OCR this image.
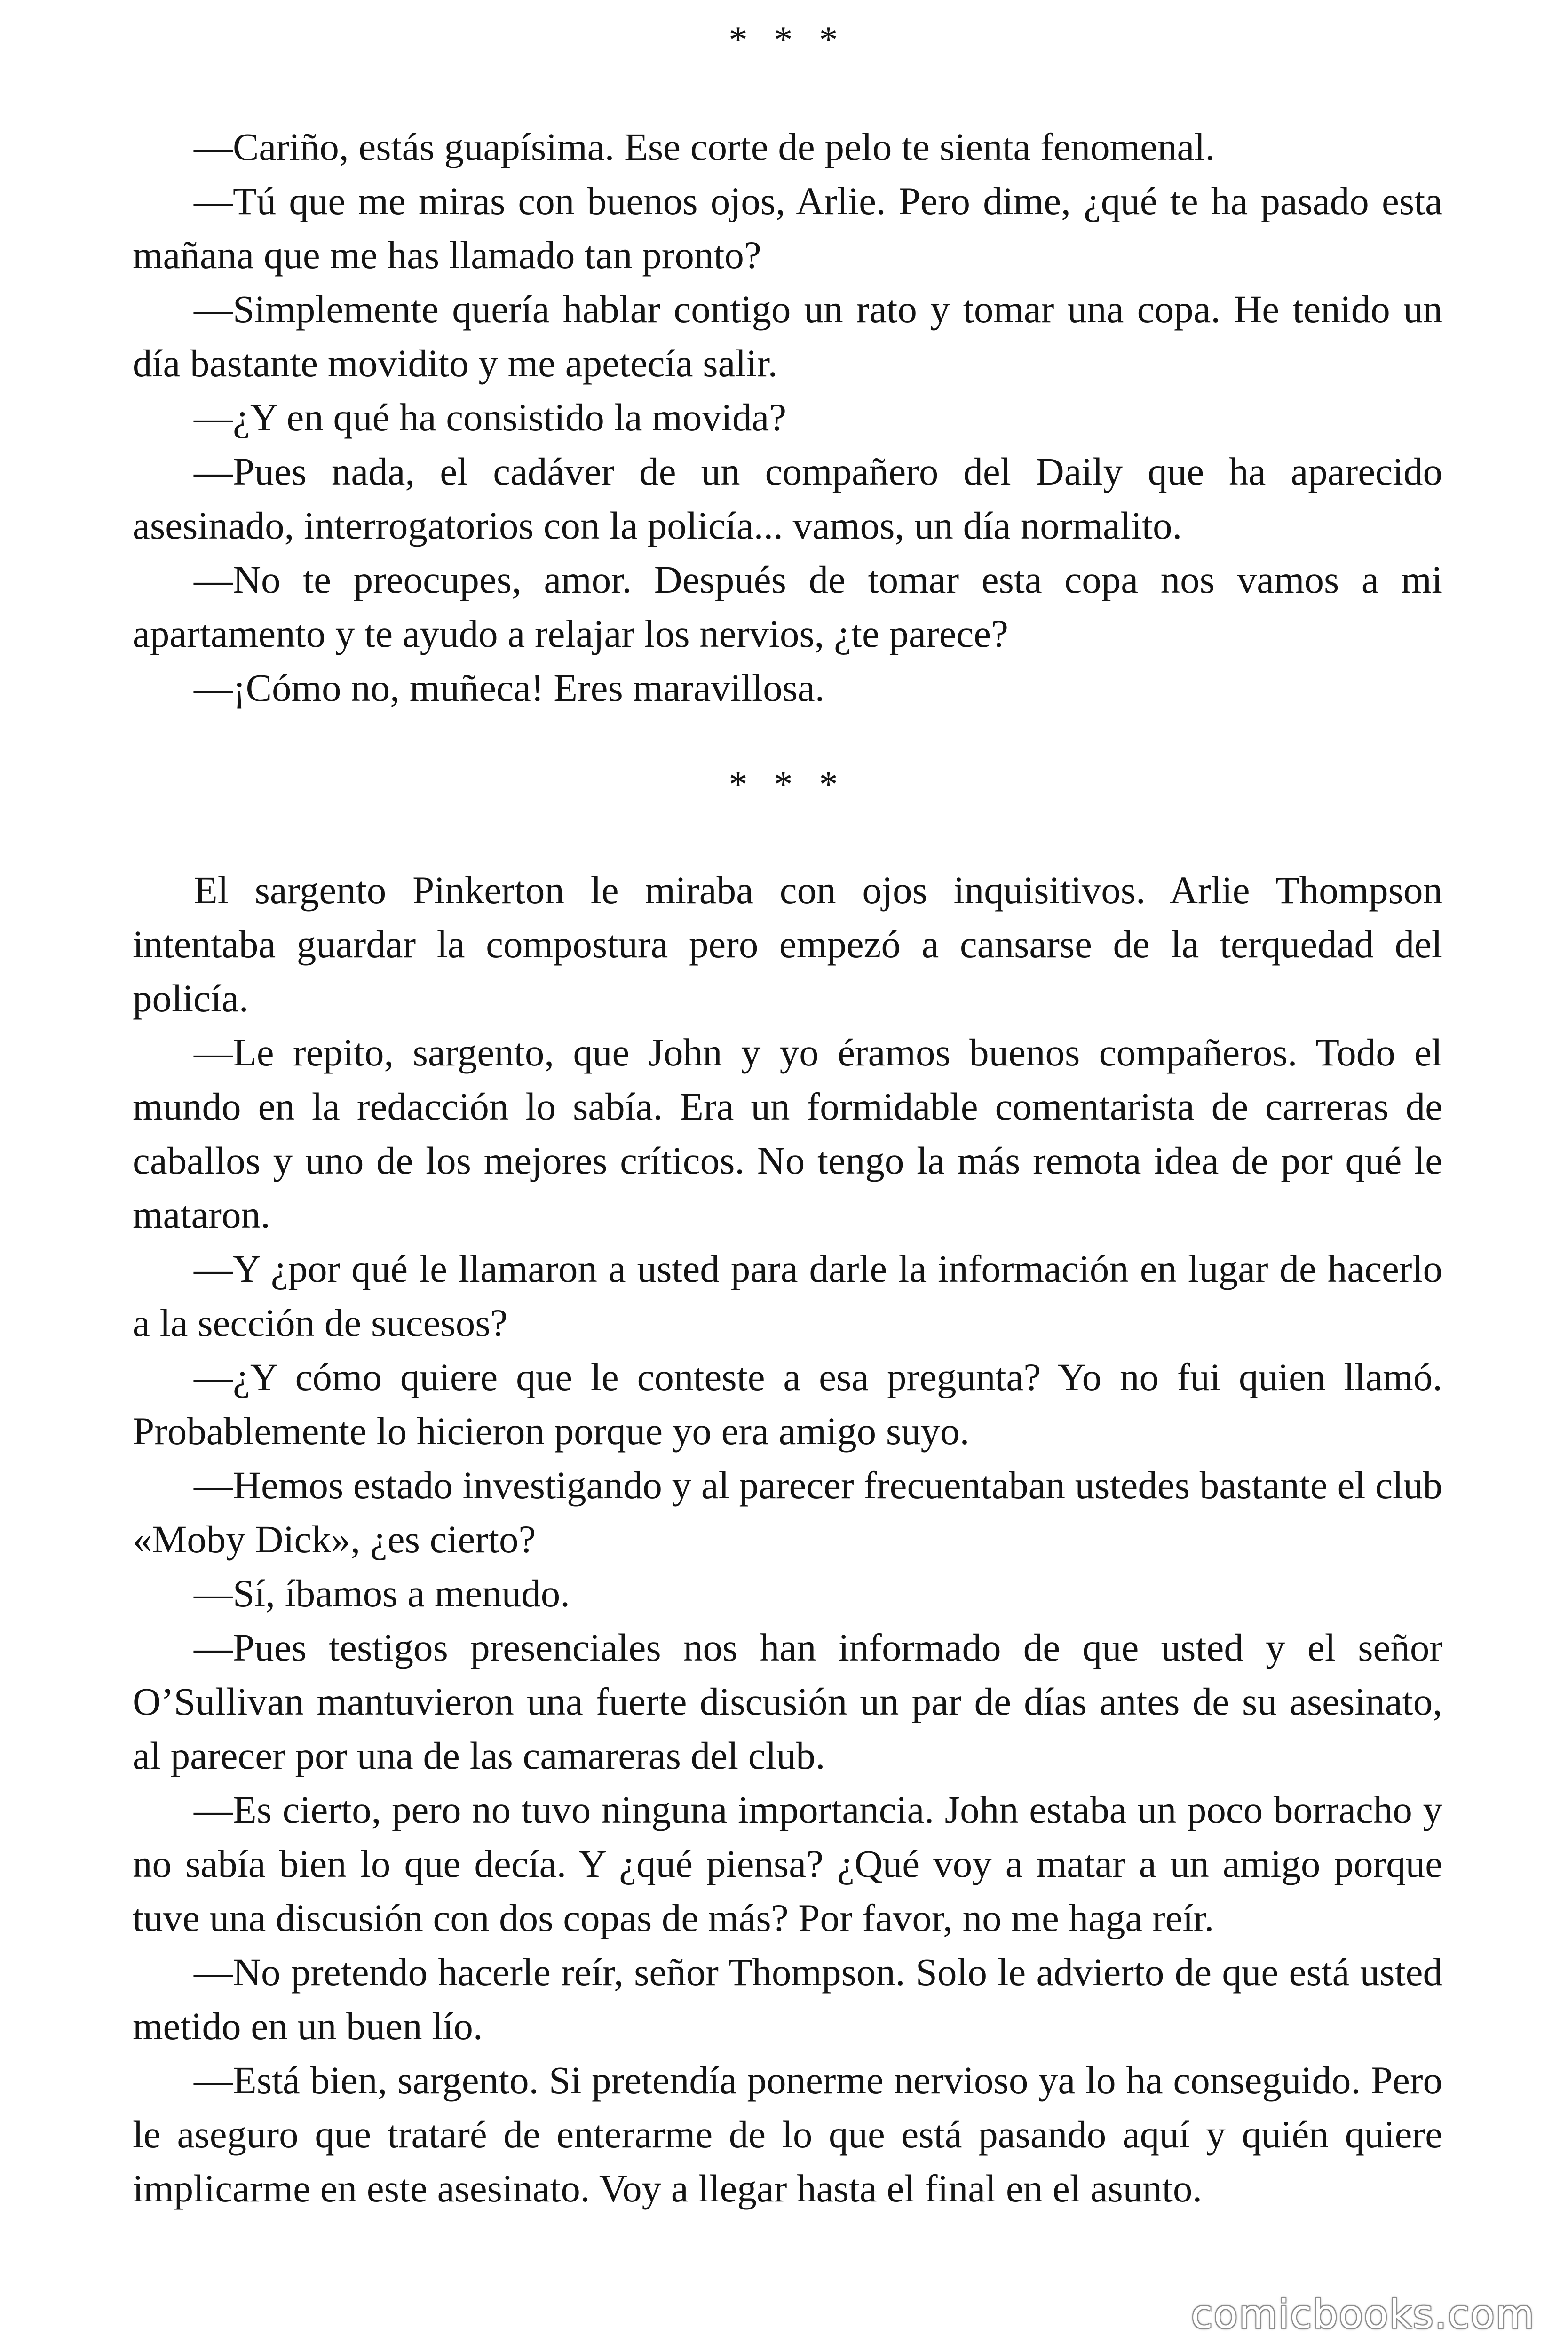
* * *

—Cariño, estás guapísima. Ese corte de pelo te sienta fenomenal.

—Tú que me miras con buenos ojos, Arlie. Pero dime, ¿qué te ha pasado esta mañana que me has llamado tan pronto?

—Simplemente quería hablar contigo un rato y tomar una copa. He tenido un día bastante movidito y me apetecía salir.

—¿Y en qué ha consistido la movida?

—Pues nada, el cadáver de un compañero del Daily que ha aparecido asesinado, interrogatorios con la policía... vamos, un día normalito.

—No te preocupes, amor. Después de tomar esta copa nos vamos a mi apartamento y te ayudo a relajar los nervios, ¿te parece?

—¡Cómo no, muñeca! Eres maravillosa.

* * *

El sargento Pinkerton le miraba con ojos inquisitivos. Arlie Thompson intentaba guardar la compostura pero empezó a cansarse de la terquedad del policía.

—Le repito, sargento, que John y yo éramos buenos compañeros. Todo el mundo en la redacción lo sabía. Era un formidable comentarista de carreras de caballos y uno de los mejores críticos. No tengo la más remota idea de por qué le mataron.

—Y ¿por qué le llamaron a usted para darle la información en lugar de hacerlo a la sección de sucesos?

—¿Y cómo quiere que le conteste a esa pregunta? Yo no fui quien llamó. Probablemente lo hicieron porque yo era amigo suyo.

—Hemos estado investigando y al parecer frecuentaban ustedes bastante el club «Moby Dick», ¿es cierto?

—Sí, íbamos a menudo.

—Pues testigos presenciales nos han informado de que usted y el señor O’Sullivan mantuvieron una fuerte discusión un par de días antes de su asesinato, al parecer por una de las camareras del club.

—Es cierto, pero no tuvo ninguna importancia. John estaba un poco borracho y no sabía bien lo que decía. Y ¿qué piensa? ¿Qué voy a matar a un amigo porque tuve una discusión con dos copas de más? Por favor, no me haga reír.

—No pretendo hacerle reír, señor Thompson. Solo le advierto de que está usted metido en un buen lío.

—Está bien, sargento. Si pretendía ponerme nervioso ya lo ha conseguido. Pero le aseguro que trataré de enterarme de lo que está pasando aquí y quién quiere implicarme en este asesinato. Voy a llegar hasta el final en el asunto.

comicbooks.com
